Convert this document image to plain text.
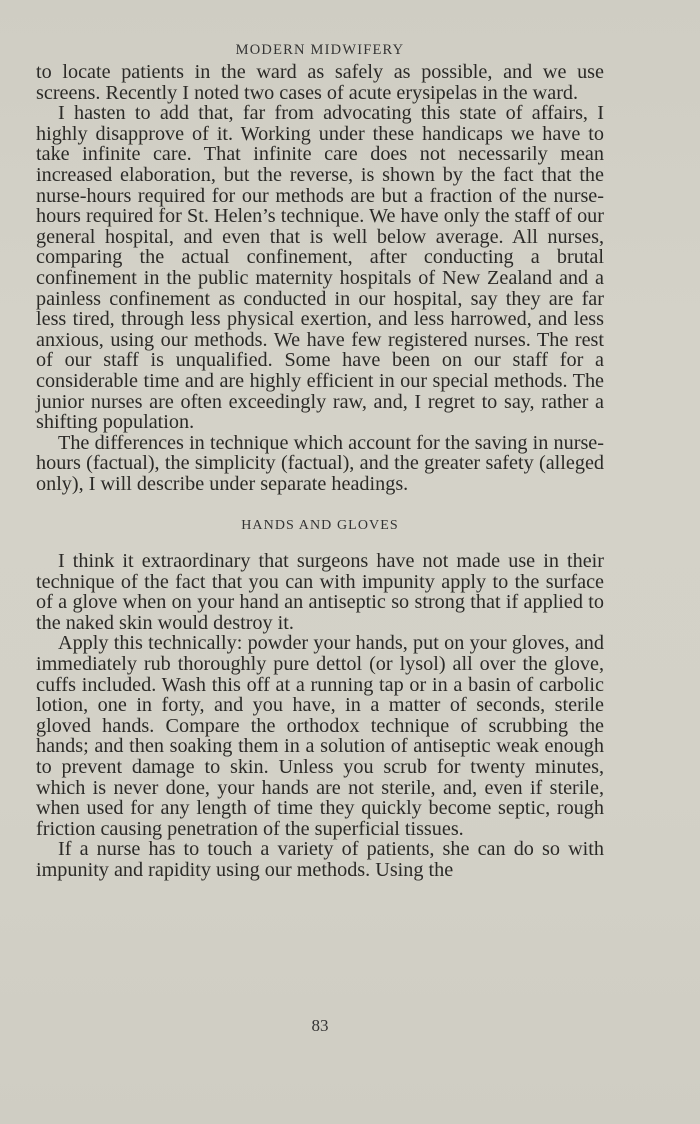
MODERN MIDWIFERY

to locate patients in the ward as safely as possible, and we use screens. Recently I noted two cases of acute erysipelas in the ward.

I hasten to add that, far from advocating this state of affairs, I highly disapprove of it. Working under these handicaps we have to take infinite care. That infinite care does not necessarily mean increased elaboration, but the reverse, is shown by the fact that the nurse-hours required for our methods are but a fraction of the nurse-hours required for St. Helen’s technique. We have only the staff of our general hospital, and even that is well below average. All nurses, comparing the actual confinement, after conducting a brutal confinement in the public maternity hospitals of New Zealand and a painless confinement as conducted in our hospital, say they are far less tired, through less physical exertion, and less harrowed, and less anxious, using our methods. We have few registered nurses. The rest of our staff is unqualified. Some have been on our staff for a considerable time and are highly efficient in our special methods. The junior nurses are often exceedingly raw, and, I regret to say, rather a shifting population.

The differences in technique which account for the saving in nurse-hours (factual), the simplicity (factual), and the greater safety (alleged only), I will describe under separate headings.

HANDS AND GLOVES

I think it extraordinary that surgeons have not made use in their technique of the fact that you can with impunity apply to the surface of a glove when on your hand an antiseptic so strong that if applied to the naked skin would destroy it.

Apply this technically: powder your hands, put on your gloves, and immediately rub thoroughly pure dettol (or lysol) all over the glove, cuffs included. Wash this off at a running tap or in a basin of carbolic lotion, one in forty, and you have, in a matter of seconds, sterile gloved hands. Compare the orthodox technique of scrubbing the hands; and then soaking them in a solution of antiseptic weak enough to prevent damage to skin. Unless you scrub for twenty minutes, which is never done, your hands are not sterile, and, even if sterile, when used for any length of time they quickly become septic, rough friction causing penetration of the superficial tissues.

If a nurse has to touch a variety of patients, she can do so with impunity and rapidity using our methods. Using the

83
